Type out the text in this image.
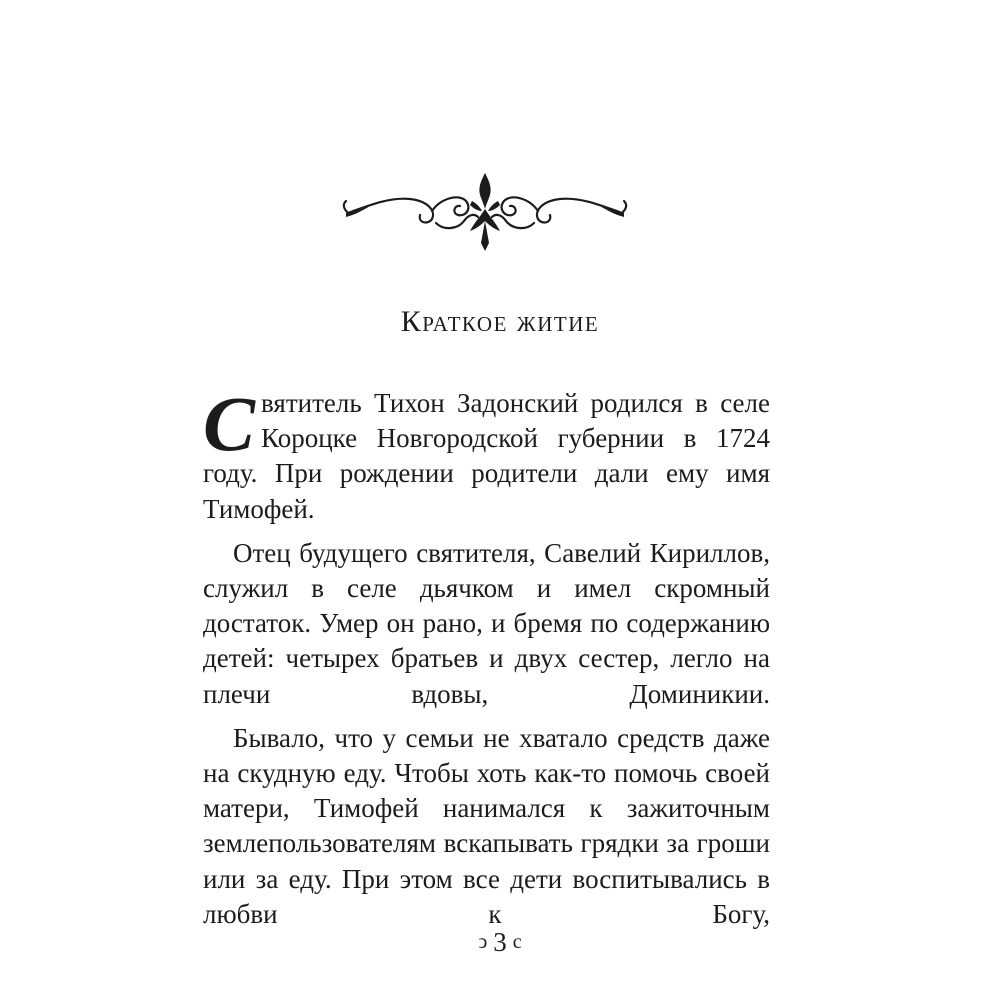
Краткое житие

Святитель Тихон Задонский родился в селе Короцке Новгородской губернии в 1724 году. При рождении родители дали ему имя Тимофей.

Отец будущего святителя, Савелий Кириллов, служил в селе дьячком и имел скромный достаток. Умер он рано, и бремя по содержанию детей: четырех братьев и двух сестер, легло на плечи вдовы, Доминикии.

Бывало, что у семьи не хватало средств даже на скудную еду. Чтобы хоть как-то помочь своей матери, Тимофей нанимался к зажиточным землепользователям вскапывать грядки за гроши или за еду. При этом все дети воспитывались в любви к Богу,

ↄ 3 c
